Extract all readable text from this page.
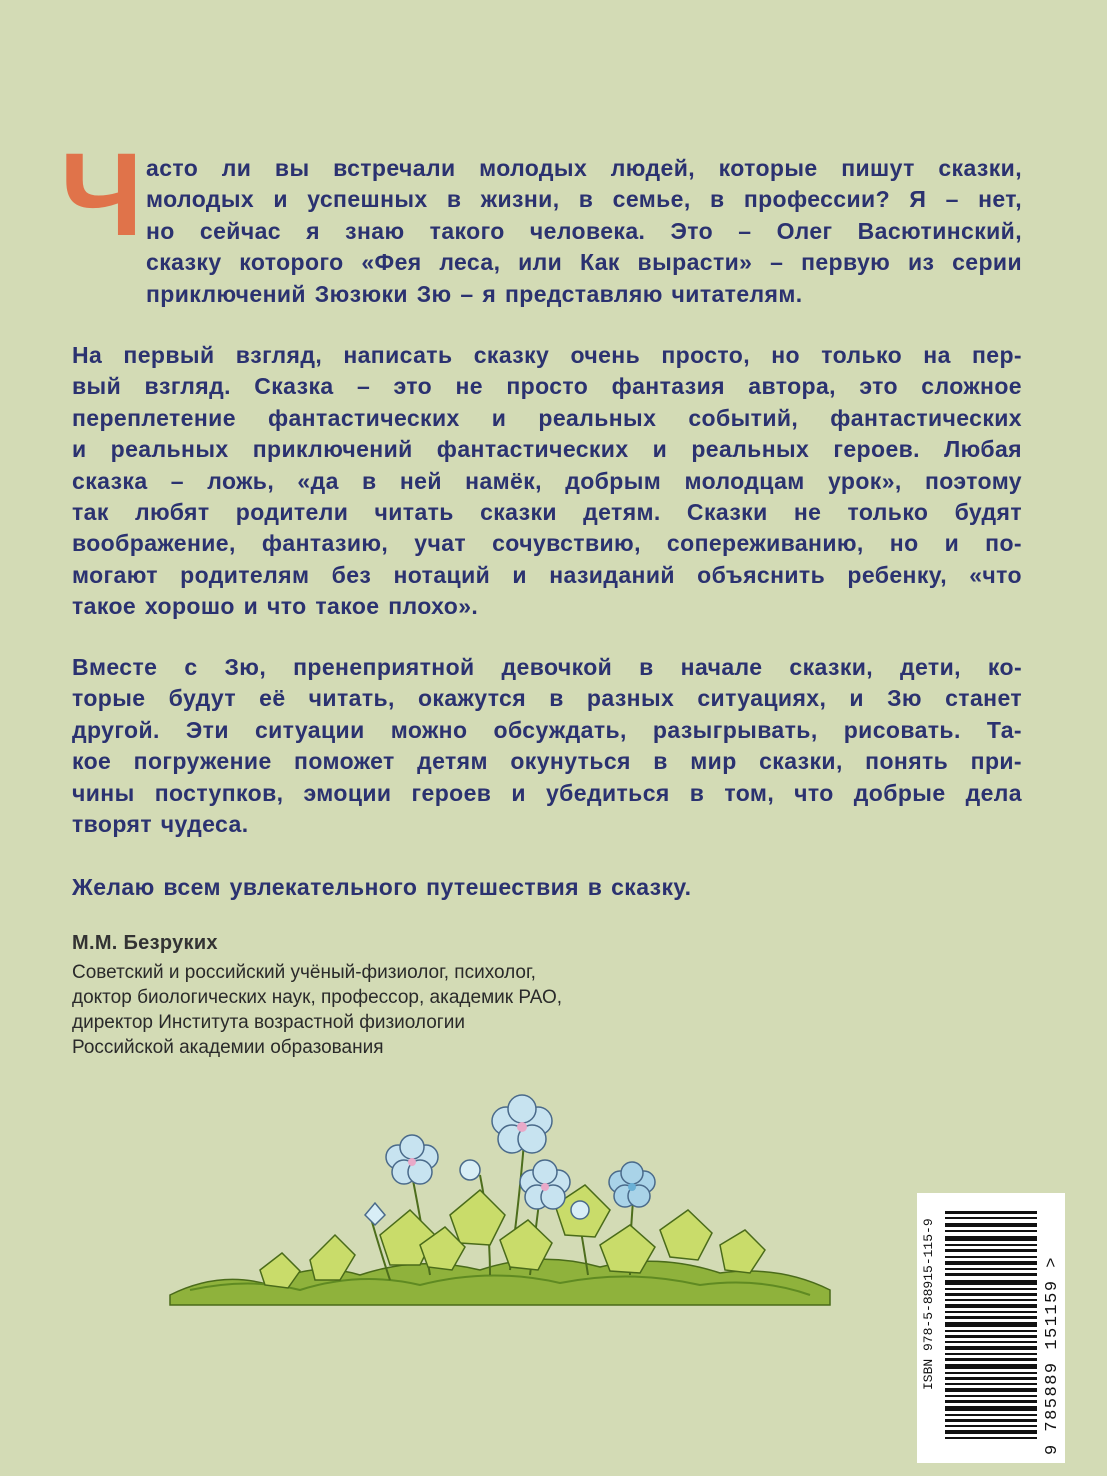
Ч асто ли вы встречали молодых людей, которые пишут сказки,
молодых и успешных в жизни, в семье, в профессии? Я – нет,
но сейчас я знаю такого человека. Это – Олег Васютинский,
сказку которого «Фея леса, или Как вырасти» – первую из серии
приключений Зюзюки Зю – я представляю читателям.
На первый взгляд, написать сказку очень просто, но только на пер-
вый взгляд. Сказка – это не просто фантазия автора, это сложное
переплетение фантастических и реальных событий, фантастических
и реальных приключений фантастических и реальных героев. Любая
сказка – ложь, «да в ней намёк, добрым молодцам урок», поэтому
так любят родители читать сказки детям. Сказки не только будят
воображение, фантазию, учат сочувствию, сопереживанию, но и по-
могают родителям без нотаций и назиданий объяснить ребенку, «что
такое хорошо и что такое плохо».
Вместе с Зю, пренеприятной девочкой в начале сказки, дети, ко-
торые будут её читать, окажутся в разных ситуациях, и Зю станет
другой. Эти ситуации можно обсуждать, разыгрывать, рисовать. Та-
кое погружение поможет детям окунуться в мир сказки, понять при-
чины поступков, эмоции героев и убедиться в том, что добрые дела
творят чудеса.
Желаю всем увлекательного путешествия в сказку.

М.М. Безруких

Советский и российский учёный-физиолог, психолог,
доктор биологических наук, профессор, академик РАО,
директор Института возрастной физиологии
Российской академии образования

ISBN 978-5-88915-115-9	9 785889 151159 >
